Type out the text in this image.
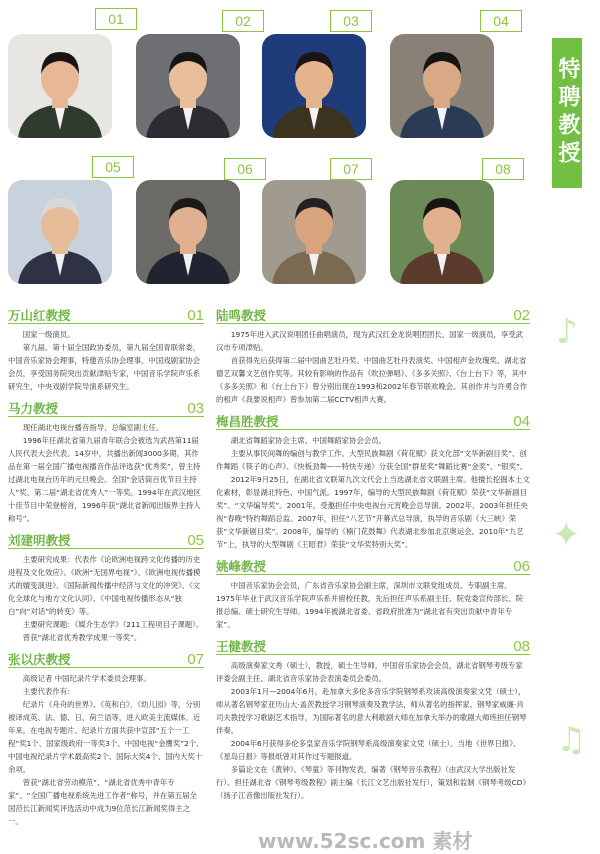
01	02	03	04
05	06	07	08	特聘教授
万山红教授	01

国家一级演员。

第九届、第十届全国政协委员，第九届全国青联常委，中国音乐家协会理事，特邀音乐协会理事，中国戏剧家协会会员，享受国务院突出贡献津贴专家，中国音乐学院声乐系研究生，中央戏剧学院导演系研究生。

马力教授	03

现任湖北电视台播音指导、总编室副主任。

1996年任湖北省第九届青年联合会被选为武昌第11届人民代表大会代表。14岁中，共播出新闻3000多期，其作品在第一届全国广播电视播音作品评选获“优秀奖”，曾主持过湖北电视台历年的元旦晚会。全国“金话筒百优节目主持人”奖、第二届“湖北省优秀人”一等奖。1994年在武汉地区十佳节目中荣登榜首，1996年获“湖北省新闻出版界主持人称号”。

刘建明教授	05

主要研究成果：代表作《论欧洲电视跨文化传播的历史进程及文化效应》、《欧洲“无国界电视”》、《欧洲电视传播模式的嬗变演进》、《国际新闻传播中经济与文化的冲突》、《文化全球化与地方文化认同》、《中国电视传播形态从“独白”向“对话”的转变》等。

主要研究课题：《媒介生态学》（211工程项目子课题）。

曾获“湖北省优秀教学成果一等奖”。

张以庆教授	07

高级记者 中国纪录片学术委员会理事。

主要代表作有：

纪录片《舟舟的世界》、《英和白》、《幼儿园》等，分别被译成英、法、德、日、荷兰语等，进入欧美主流媒体。近年来，在电视专题片、纪录片方面共获中宣部“五个一工程”奖1个、国家级政府一等奖3个、中国电视“金鹰奖”2个、中国电视纪录片学术最高奖2个、国际大奖4个、国内大奖十余项。

曾获“湖北省劳动模范”、“湖北省优秀中青年专家”、“全国广播电视系统先进工作者”称号，并在第五届全国范长江新闻奖评选活动中成为9位范长江新闻奖得主之一。

陆鸣教授	02

1975年进入武汉说唱团任曲唱演员，现为武汉红金龙说唱团团长。国家一级演员，享受武汉市专项津贴。

首获得先后获得第二届中国曲艺牡丹奖、中国曲艺牡丹表演奖、中国相声金玫瑰奖、湖北省德艺双馨文艺创作奖等。其较有影响的作品有《吹拉弹唱》、《多多关照》、《台上台下》等，其中《多多关照》和《台上台下》曾分别出现在1993和2002年春节联欢晚会。其创作并与许勇合作的相声《我要说相声》曾参加第二届CCTV相声大赛。

梅昌胜教授	04

湖北省舞蹈家协会主席、中国舞蹈家协会会员。

主要从事民间舞的编创与教学工作。大型民族舞剧《荷花赋》获文化部“文华新剧目奖”、创作舞蹈《筷子的心声》、《快板劲舞——特快专递》分获全国“群星奖”舞蹈比赛“金奖”、“银奖”。

2012年9月25日，在湖北省文联第九次文代会上当选湖北省文联副主席。他擅长挖掘本土文化素材，彰显湖北特色、中国气派。1997年，编导的大型民族舞剧《荷花赋》荣获“文华新剧目奖”、“文华编导奖”。2001年，受邀担任中央电视台元宵晚会总导演。2002年、2003年担任央视“春晚”特约舞蹈总监。2007年，担任“八艺节”开幕式总导演，执导的音乐剧《大三峡》荣获“文华新剧目奖”。2008年，编导的《楠门花鼓舞》代表湖北参加北京奥运会。2010年“九艺节”上，执导的大型舞剧《王昭君》荣获“文华奖特别大奖”。

姚峰教授	06

中国音乐家协会会员，广东省音乐家协会副主席，深圳市文联党组成员、专职副主席。1975年毕业于武汉音乐学院声乐系并留校任教，先后担任声乐系副主任、院党委宣传部长、院报总编、硕士研究生导师。1994年被湖北省委、省政府批准为“湖北省有突出贡献中青年专家”。

王健教授	08

高级演奏家文秀（硕士），教授，硕士生导师，中国音乐家协会会员，湖北省钢琴考级专家评委会副主任、湖北省音乐家协会表演委员会委员。

2003年1月—2004年6月，赴加拿大多伦多音乐学院钢琴系攻读高级演奏家文凭（硕士），师从著名钢琴家亚历山大·盖茨教授学习钢琴演奏及教学法，师从著名的指挥家、钢琴家威廉·肖司夫教授学习歌剧艺术指导，为国际著名的意大利歌剧大师在加拿大举办的歌剧大师班担任钢琴伴奏。

2004年6月获得多伦多皇家音乐学院钢琴系高级演奏家文凭（硕士）。当地《世界日报》、《星岛日报》等报纸曾对其作过专题报道。

多篇论文在《黄钟》、《琴童》等刊物发表，编著《钢琴音乐教程》（由武汉大学出版社发行）、担任湖北省《钢琴考级教程》副主编（长江文艺出版社发行），策划和监制《钢琴考级CD》（扬子江音像出版社发行）。

♪
✦
♫
www.52sc.com 素材
